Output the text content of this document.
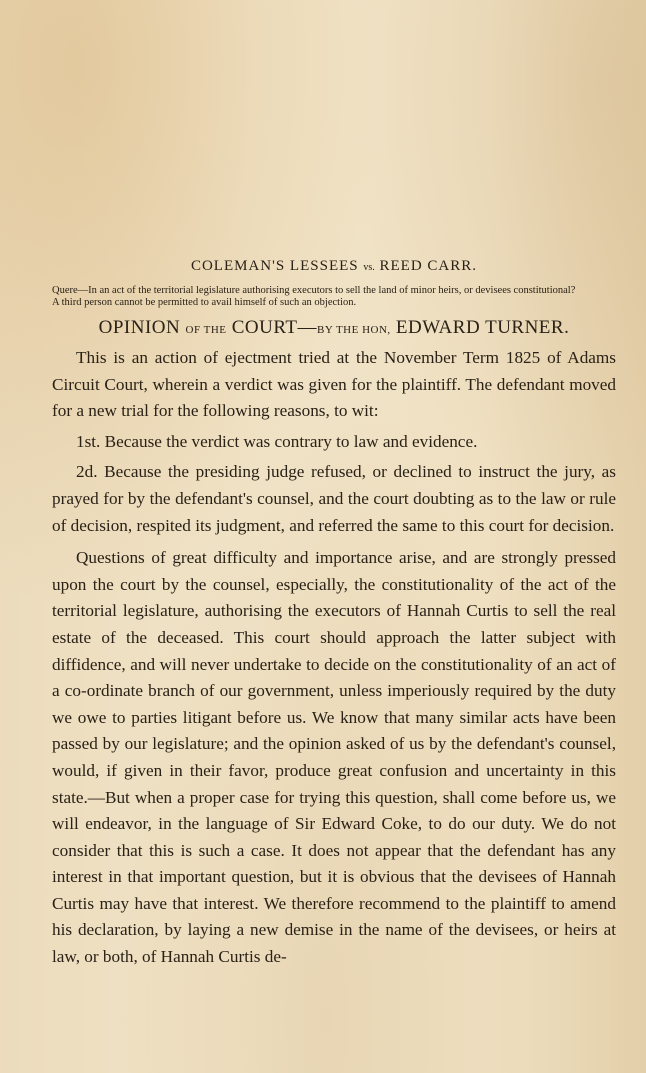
COLEMAN'S LESSEES vs. REED CARR.

Quere—In an act of the territorial legislature authorising executors to sell the land of minor heirs, or devisees constitutional?

A third person cannot be permitted to avail himself of such an objection.

OPINION OF THE COURT—BY THE HON, EDWARD TURNER.

This is an action of ejectment tried at the November Term 1825 of Adams Circuit Court, wherein a verdict was given for the plaintiff. The defendant moved for a new trial for the following reasons, to wit:

1st. Because the verdict was contrary to law and evidence.

2d. Because the presiding judge refused, or declined to instruct the jury, as prayed for by the defendant's counsel, and the court doubting as to the law or rule of decision, respited its judgment, and referred the same to this court for decision.

Questions of great difficulty and importance arise, and are strongly pressed upon the court by the counsel, especially, the constitutionality of the act of the territorial legislature, authorising the executors of Hannah Curtis to sell the real estate of the deceased. This court should approach the latter subject with diffidence, and will never undertake to decide on the constitutionality of an act of a co-ordinate branch of our government, unless imperiously required by the duty we owe to parties litigant before us. We know that many similar acts have been passed by our legislature; and the opinion asked of us by the defendant's counsel, would, if given in their favor, produce great confusion and uncertainty in this state.—But when a proper case for trying this question, shall come before us, we will endeavor, in the language of Sir Edward Coke, to do our duty. We do not consider that this is such a case. It does not appear that the defendant has any interest in that important question, but it is obvious that the devisees of Hannah Curtis may have that interest. We therefore recommend to the plaintiff to amend his declaration, by laying a new demise in the name of the devisees, or heirs at law, or both, of Hannah Curtis de-
